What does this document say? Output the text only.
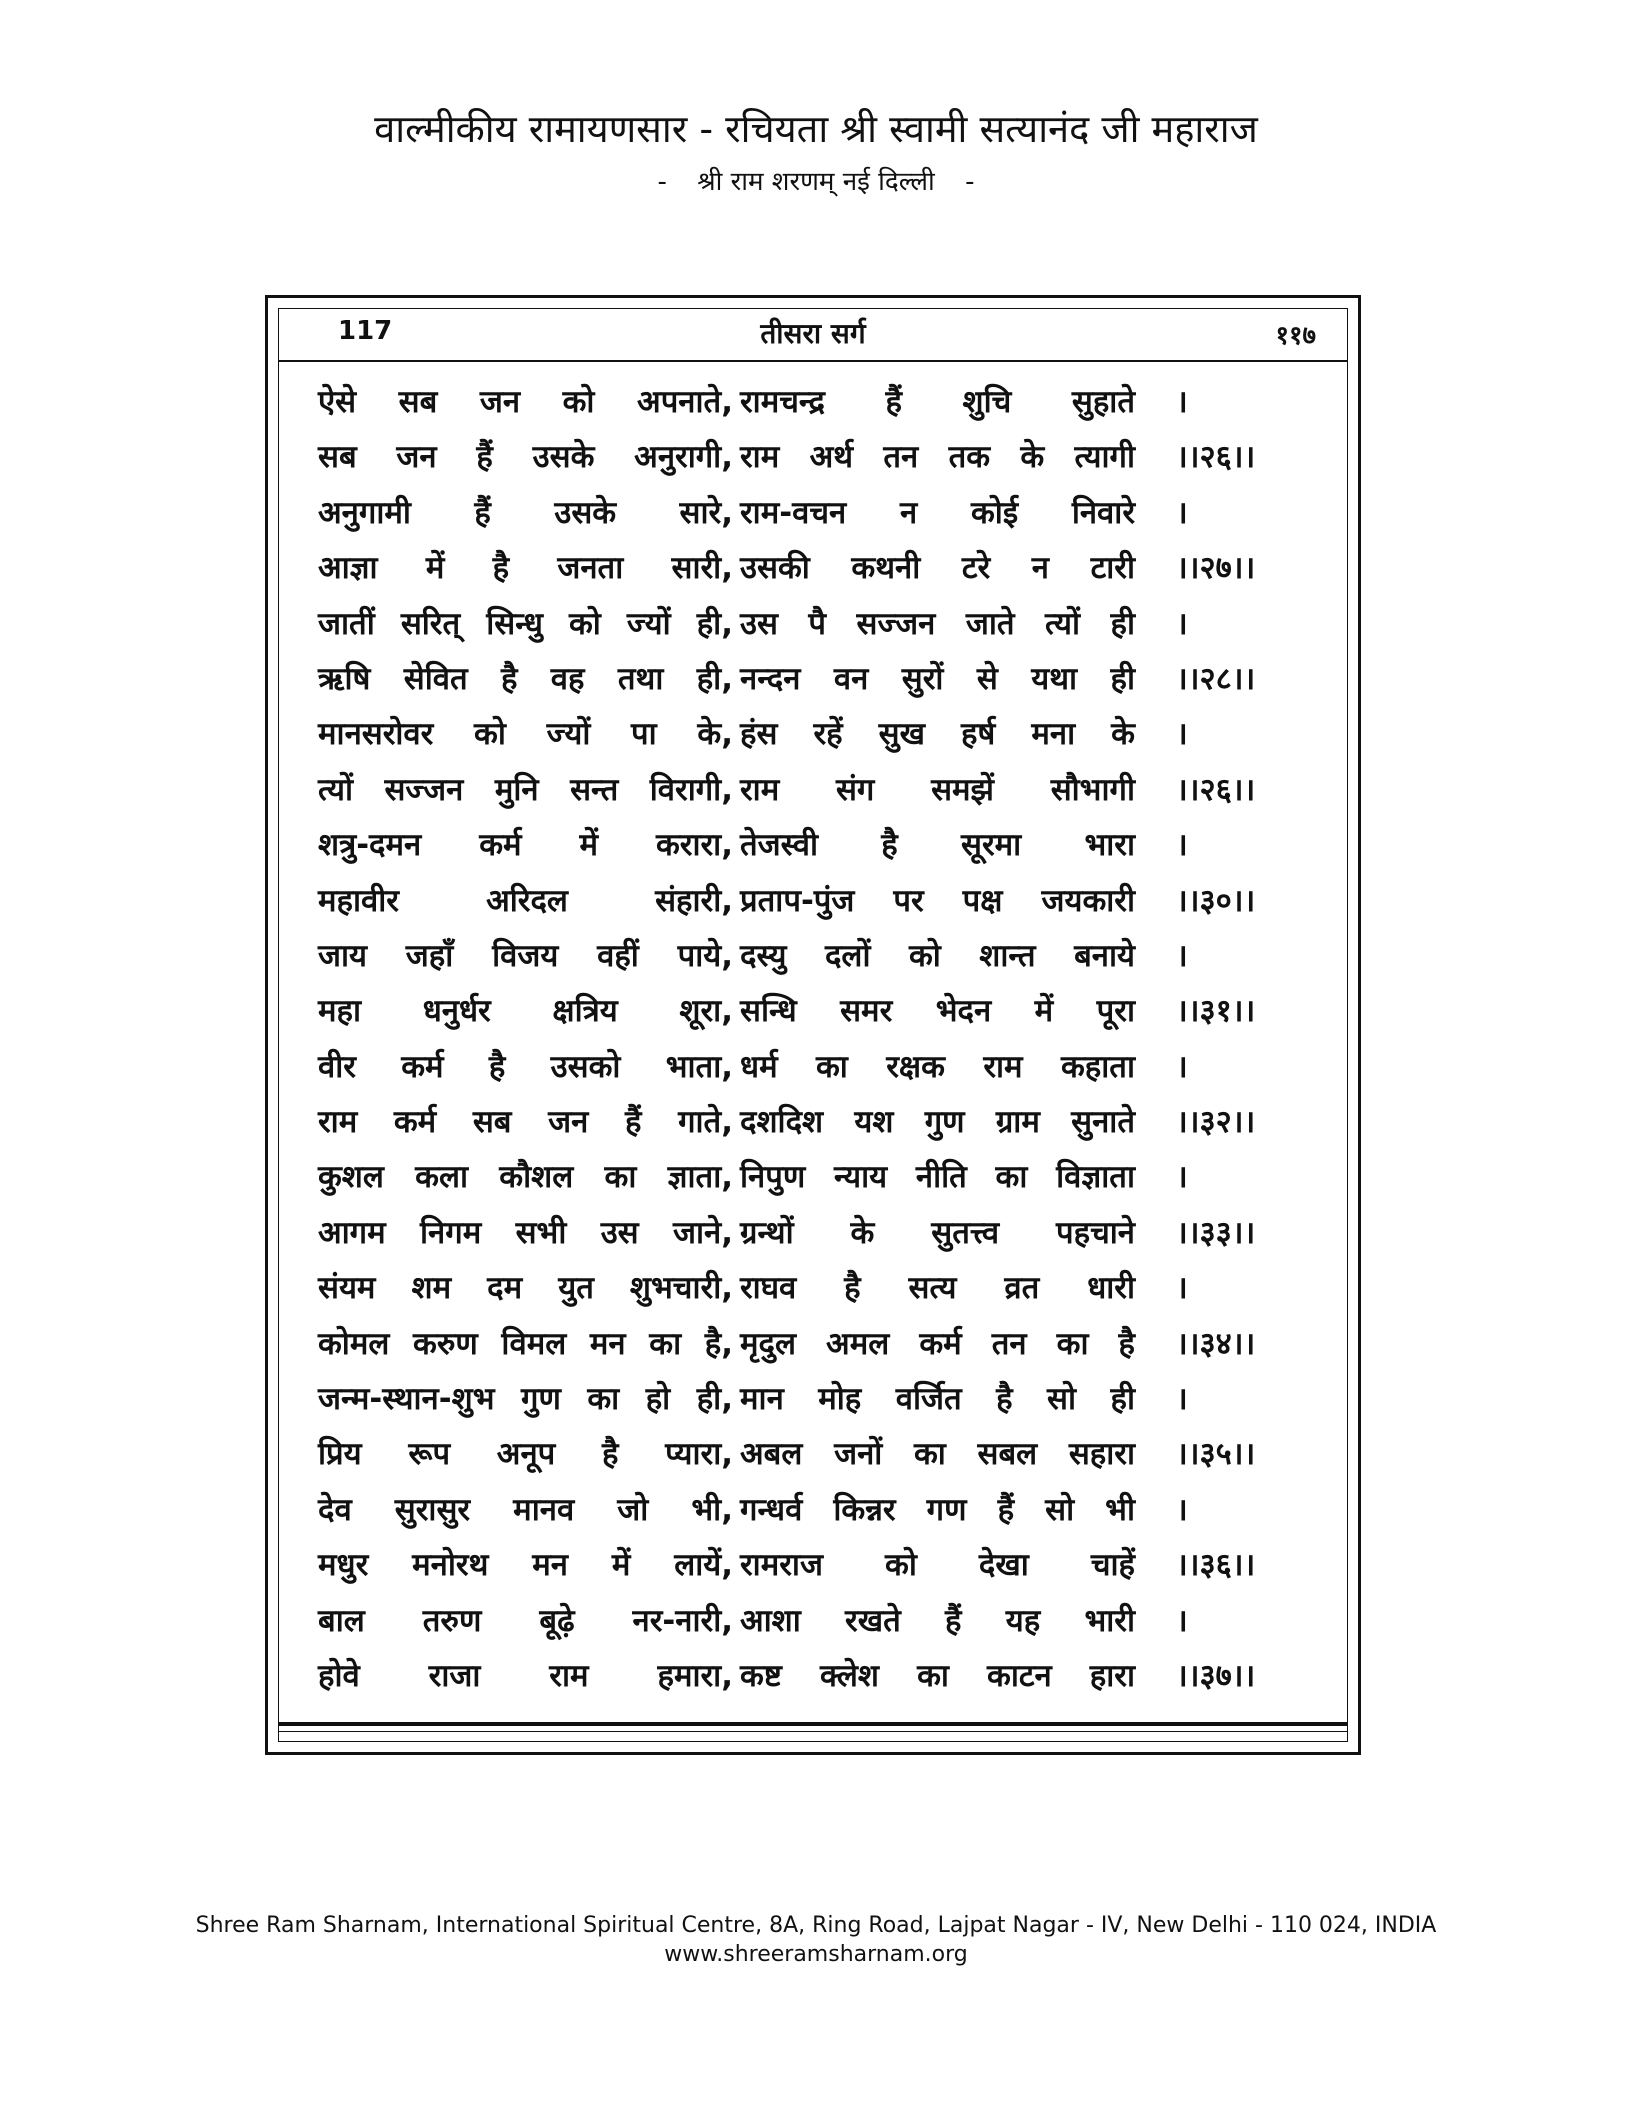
वाल्मीकीय रामायणसार - रचियता श्री स्वामी सत्यानंद जी महाराज
- श्री राम शरणम् नई दिल्ली -
117	तीसरा सर्ग	११७
ऐसे सब जन को अपनाते, रामचन्द्र हैं शुचि सुहाते ।
सब जन हैं उसके अनुरागी, राम अर्थ तन तक के त्यागी ।।२६।।
अनुगामी हैं उसके सारे, राम-वचन न कोई निवारे ।
आज्ञा में है जनता सारी, उसकी कथनी टरे न टारी ।।२७।।
जातीं सरित् सिन्धु को ज्यों ही, उस पै सज्जन जाते त्यों ही ।
ऋषि सेवित है वह तथा ही, नन्दन वन सुरों से यथा ही ।।२८।।
मानसरोवर को ज्यों पा के, हंस रहें सुख हर्ष मना के ।
त्यों सज्जन मुनि सन्त विरागी, राम संग समझें सौभागी ।।२६।।
शत्रु-दमन कर्म में करारा, तेजस्वी है सूरमा भारा ।
महावीर अरिदल संहारी, प्रताप-पुंज पर पक्ष जयकारी ।।३०।।
जाय जहाँ विजय वहीं पाये, दस्यु दलों को शान्त बनाये ।
महा धनुर्धर क्षत्रिय शूरा, सन्धि समर भेदन में पूरा ।।३१।।
वीर कर्म है उसको भाता, धर्म का रक्षक राम कहाता ।
राम कर्म सब जन हैं गाते, दशदिश यश गुण ग्राम सुनाते ।।३२।।
कुशल कला कौशल का ज्ञाता, निपुण न्याय नीति का विज्ञाता ।
आगम निगम सभी उस जाने, ग्रन्थों के सुतत्त्व पहचाने ।।३३।।
संयम शम दम युत शुभचारी, राघव है सत्य व्रत धारी ।
कोमल करुण विमल मन का है, मृदुल अमल कर्म तन का है ।।३४।।
जन्म-स्थान-शुभ गुण का हो ही, मान मोह वर्जित है सो ही ।
प्रिय रूप अनूप है प्यारा, अबल जनों का सबल सहारा ।।३५।।
देव सुरासुर मानव जो भी, गन्धर्व किन्नर गण हैं सो भी ।
मधुर मनोरथ मन में लायें, रामराज को देखा चाहें ।।३६।।
बाल तरुण बूढ़े नर-नारी, आशा रखते हैं यह भारी ।
होवे राजा राम हमारा, कष्ट क्लेश का काटन हारा ।।३७।।
Shree Ram Sharnam, International Spiritual Centre, 8A, Ring Road, Lajpat Nagar - IV, New Delhi - 110 024, INDIA
www.shreeramsharnam.org
